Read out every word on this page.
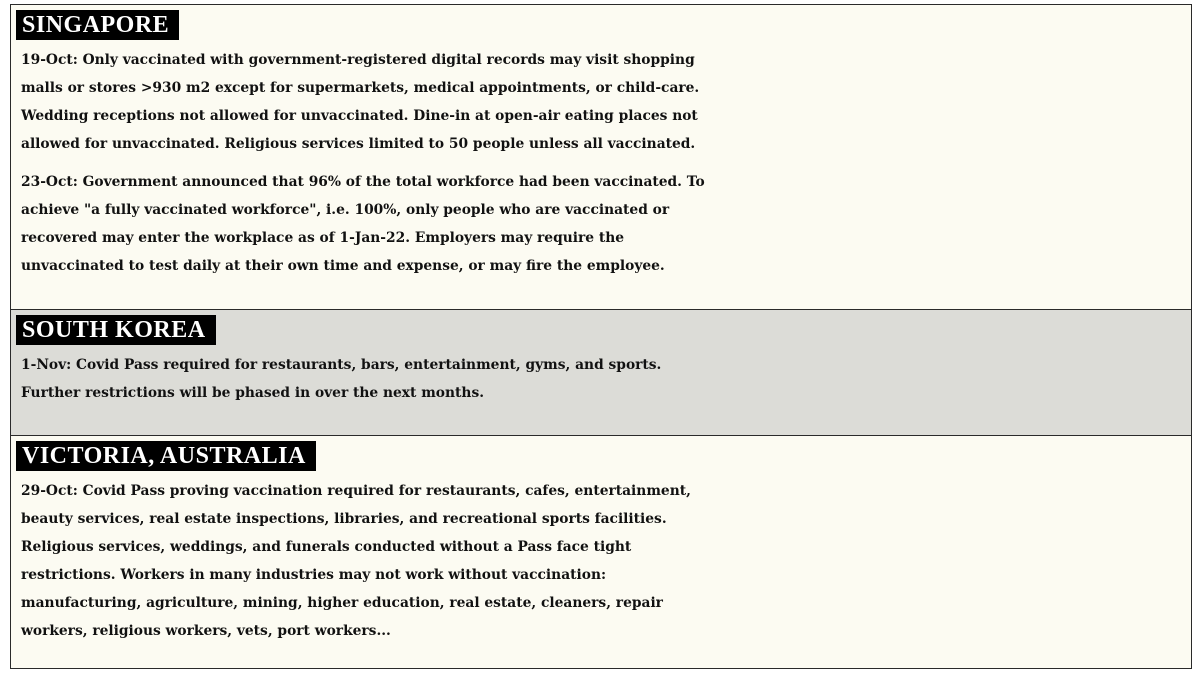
SINGAPORE
19-Oct: Only vaccinated with government-registered digital records may visit shopping
malls or stores >930 m2 except for supermarkets, medical appointments, or child-care.
Wedding receptions not allowed for unvaccinated. Dine-in at open-air eating places not
allowed for unvaccinated. Religious services limited to 50 people unless all vaccinated.
23-Oct: Government announced that 96% of the total workforce had been vaccinated. To
achieve "a fully vaccinated workforce", i.e. 100%, only people who are vaccinated or
recovered may enter the workplace as of 1-Jan-22. Employers may require the
unvaccinated to test daily at their own time and expense, or may fire the employee.
SOUTH KOREA
1-Nov: Covid Pass required for restaurants, bars, entertainment, gyms, and sports.
Further restrictions will be phased in over the next months.
VICTORIA, AUSTRALIA
29-Oct: Covid Pass proving vaccination required for restaurants, cafes, entertainment,
beauty services, real estate inspections, libraries, and recreational sports facilities.
Religious services, weddings, and funerals conducted without a Pass face tight
restrictions. Workers in many industries may not work without vaccination:
manufacturing, agriculture, mining, higher education, real estate, cleaners, repair
workers, religious workers, vets, port workers...
